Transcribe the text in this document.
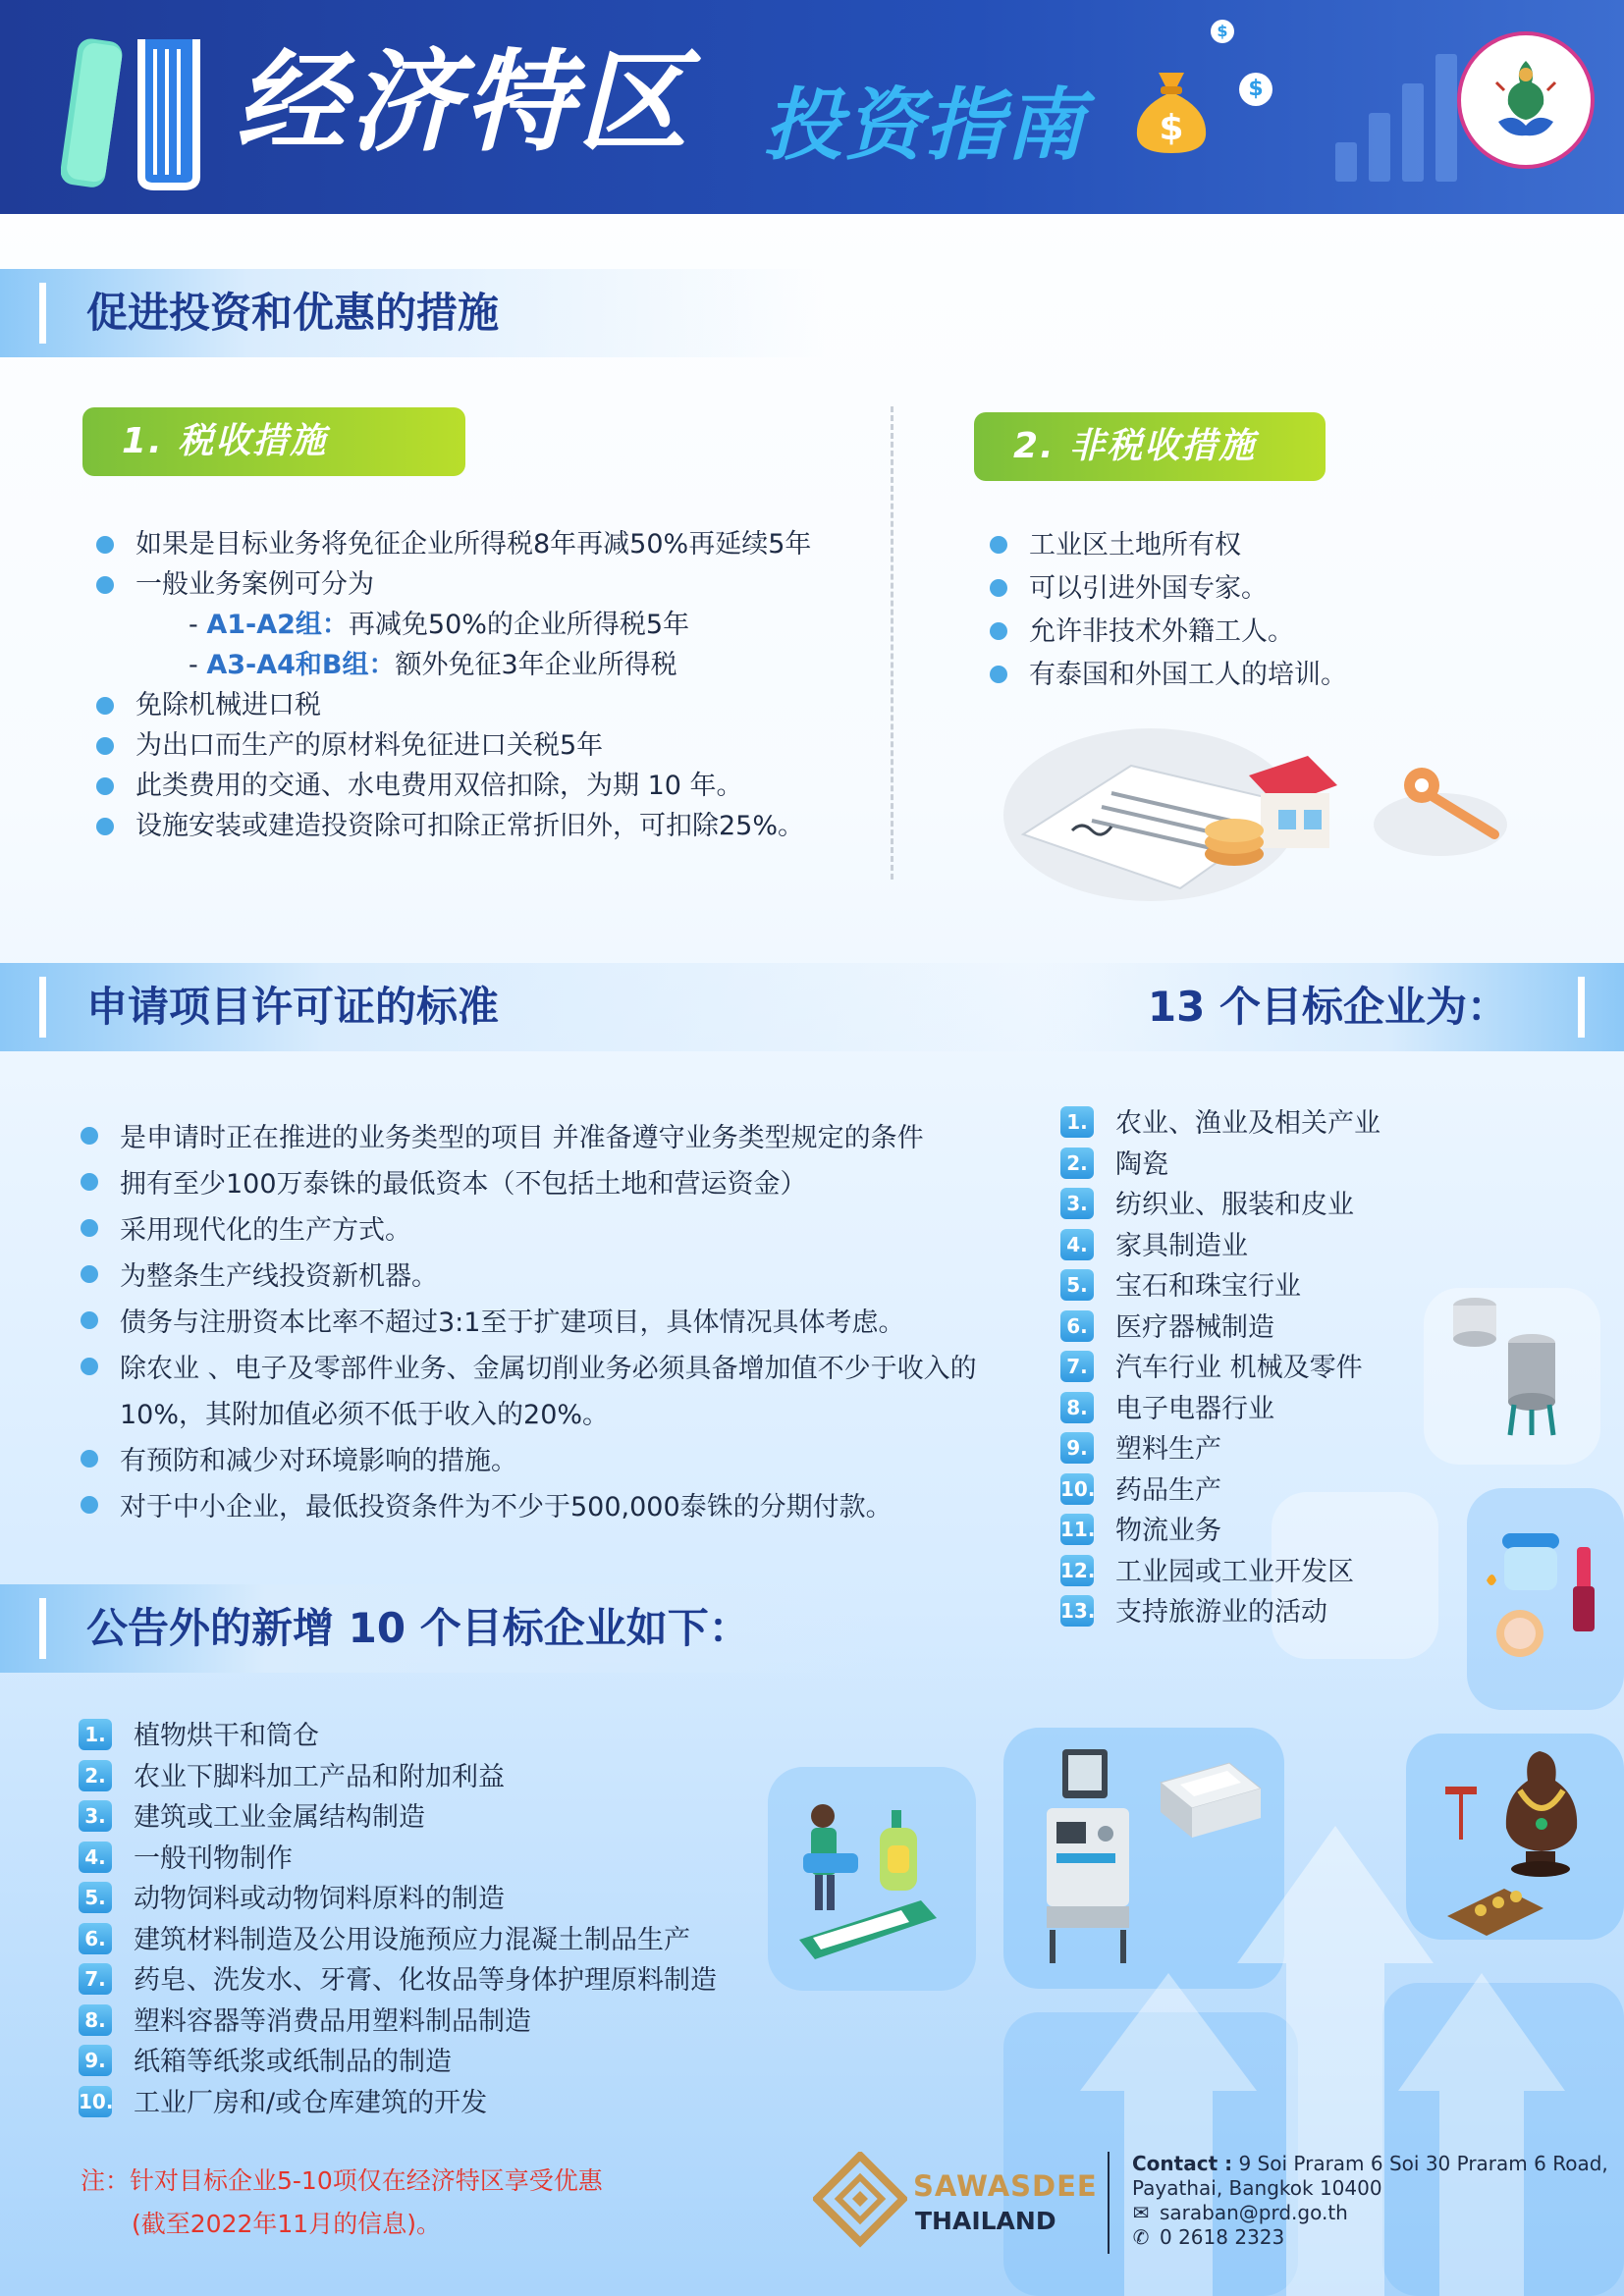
经济特区 投资指南 $
$
$
促进投资和优惠的措施
1. 税收措施
如果是目标业务将免征企业所得税8年再减50%再延续5年
一般业务案例可分为
- A1-A2组：再减免50%的企业所得税5年
- A3-A4和B组：额外免征3年企业所得税
免除机械进口税
为出口而生产的原材料免征进口关税5年
此类费用的交通、水电费用双倍扣除，为期 10 年。
设施安装或建造投资除可扣除正常折旧外，可扣除25%。
2. 非税收措施
工业区土地所有权
可以引进外国专家。
允许非技术外籍工人。
有泰国和外国工人的培训。
申请项目许可证的标准	13 个目标企业为：
是申请时正在推进的业务类型的项目 并准备遵守业务类型规定的条件
拥有至少100万泰铢的最低资本（不包括土地和营运资金）
采用现代化的生产方式。
为整条生产线投资新机器。
债务与注册资本比率不超过3:1至于扩建项目，具体情况具体考虑。
除农业 、电子及零部件业务、金属切削业务必须具备增加值不少于收入的10%，其附加值必须不低于收入的20%。
有预防和减少对环境影响的措施。
对于中小企业，最低投资条件为不少于500,000泰铢的分期付款。
1. 农业、渔业及相关产业
2. 陶瓷
3. 纺织业、服装和皮业
4. 家具制造业
5. 宝石和珠宝行业
6. 医疗器械制造
7. 汽车行业 机械及零件
8. 电子电器行业
9. 塑料生产
10. 药品生产
11. 物流业务
12. 工业园或工业开发区
13. 支持旅游业的活动
公告外的新增 10 个目标企业如下：
1. 植物烘干和筒仓
2. 农业下脚料加工产品和附加利益
3. 建筑或工业金属结构制造
4. 一般刊物制作
5. 动物饲料或动物饲料原料的制造
6. 建筑材料制造及公用设施预应力混凝土制品生产
7. 药皂、洗发水、牙膏、化妆品等身体护理原料制造
8. 塑料容器等消费品用塑料制品制造
9. 纸箱等纸浆或纸制品的制造
10. 工业厂房和/或仓库建筑的开发
注：针对目标企业5-10项仅在经济特区享受优惠
(截至2022年11月的信息)。
SAWASDEE
THAILAND
Contact : 9 Soi Praram 6 Soi 30 Praram 6 Road,
Payathai, Bangkok 10400
✉ saraban@prd.go.th
✆ 0 2618 2323
